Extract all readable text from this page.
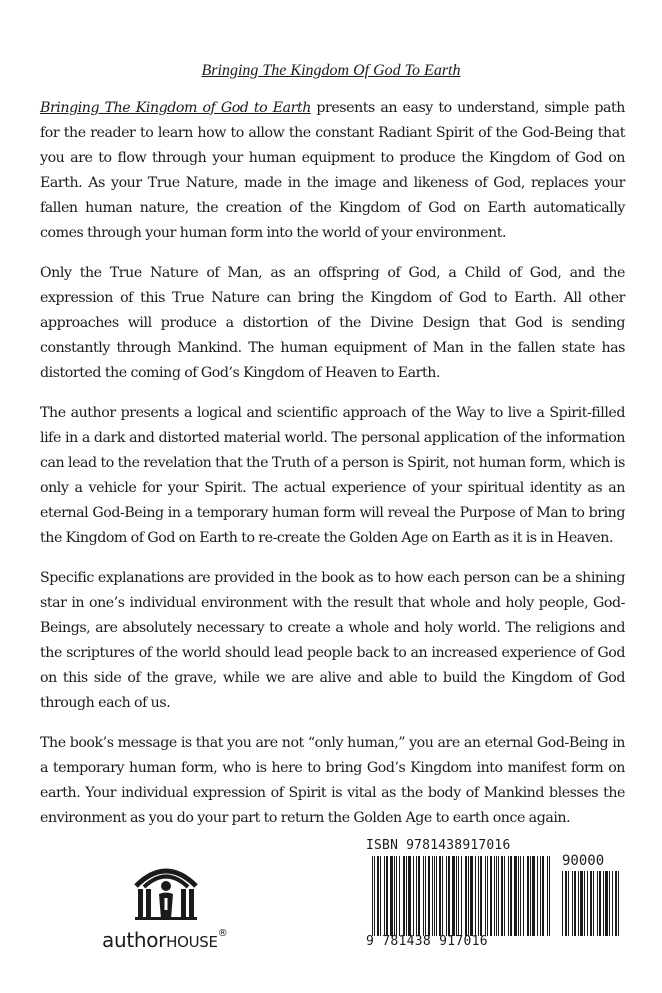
Bringing The Kingdom Of God To Earth

Bringing The Kingdom of God to Earth presents an easy to understand, simple path for the reader to learn how to allow the constant Radiant Spirit of the God-Being that you are to flow through your human equipment to produce the Kingdom of God on Earth. As your True Nature, made in the image and likeness of God, replaces your fallen human nature, the creation of the Kingdom of God on Earth automatically comes through your human form into the world of your environment.

Only the True Nature of Man, as an offspring of God, a Child of God, and the expression of this True Nature can bring the Kingdom of God to Earth. All other approaches will produce a distortion of the Divine Design that God is sending constantly through Mankind. The human equipment of Man in the fallen state has distorted the coming of God’s Kingdom of Heaven to Earth.

The author presents a logical and scientific approach of the Way to live a Spirit-filled life in a dark and distorted material world. The personal application of the information can lead to the revelation that the Truth of a person is Spirit, not human form, which is only a vehicle for your Spirit. The actual experience of your spiritual identity as an eternal God-Being in a temporary human form will reveal the Purpose of Man to bring the Kingdom of God on Earth to re-create the Golden Age on Earth as it is in Heaven.

Specific explanations are provided in the book as to how each person can be a shining star in one’s individual environment with the result that whole and holy people, God-Beings, are absolutely necessary to create a whole and holy world. The religions and the scriptures of the world should lead people back to an increased experience of God on this side of the grave, while we are alive and able to build the Kingdom of God through each of us.

The book’s message is that you are not “only human,” you are an eternal God-Being in a temporary human form, who is here to bring God’s Kingdom into manifest form on earth. Your individual expression of Spirit is vital as the body of Mankind blesses the environment as you do your part to return the Golden Age to earth once again.

authorHOUSE®
ISBN 9781438917016
90000
9 781438 917016
